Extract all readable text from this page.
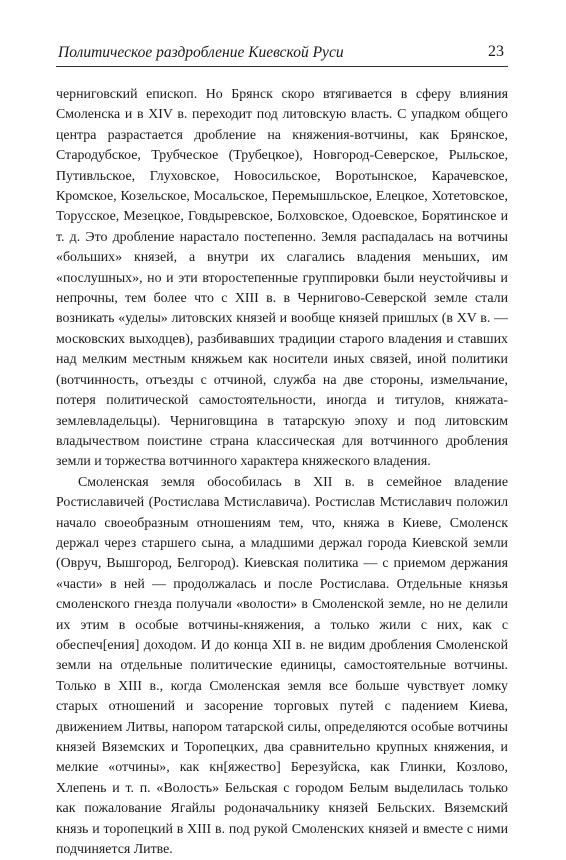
Политическое раздробление Киевской Руси	23

черниговский епископ. Но Брянск скоро втягивается в сферу влияния Смоленска и в XIV в. переходит под литовскую власть. С упадком общего центра разрастается дробление на княжения-вотчины, как Брянское, Стародубское, Трубческое (Трубецкое), Новгород-Северское, Рыльское, Путивльское, Глуховское, Новосильское, Воротынское, Карачевское, Кромское, Козельское, Мосальское, Перемышльское, Елецкое, Хотетовское, Торусское, Мезецкое, Говдыревское, Болховское, Одоевское, Борятинское и т. д. Это дробление нарастало постепенно. Земля распадалась на вотчины «больших» князей, а внутри их слагались владения меньших, им «послушных», но и эти второстепенные группировки были неустойчивы и непрочны, тем более что с XIII в. в Чернигово-Северской земле стали возникать «уделы» литовских князей и вообще князей пришлых (в XV в. — московских выходцев), разбивавших традиции старого владения и ставших над мелким местным княжьем как носители иных связей, иной политики (вотчинность, отъезды с отчиной, служба на две стороны, измельчание, потеря политической самостоятельности, иногда и титулов, княжата-землевладельцы). Черниговщина в татарскую эпоху и под литовским владычеством поистине страна классическая для вотчинного дробления земли и торжества вотчинного характера княжеского владения.

Смоленская земля обособилась в XII в. в семейное владение Ростиславичей (Ростислава Мстиславича). Ростислав Мстиславич положил начало своеобразным отношениям тем, что, княжа в Киеве, Смоленск держал через старшего сына, а младшими держал города Киевской земли (Овруч, Вышгород, Белгород). Киевская политика — с приемом держания «части» в ней — продолжалась и после Ростислава. Отдельные князья смоленского гнезда получали «волости» в Смоленской земле, но не делили их этим в особые вотчины-княжения, а только жили с них, как с обеспеч[ения] доходом. И до конца XII в. не видим дробления Смоленской земли на отдельные политические единицы, самостоятельные вотчины. Только в XIII в., когда Смоленская земля все больше чувствует ломку старых отношений и засорение торговых путей с падением Киева, движением Литвы, напором татарской силы, определяются особые вотчины князей Вяземских и Торопецких, два сравнительно крупных княжения, и мелкие «отчины», как кн[яжество] Березуйска, как Глинки, Козлово, Хлепень и т. п. «Волость» Бельская с городом Белым выделилась только как пожалование Ягайлы родоначальнику князей Бельских. Вяземский князь и торопецкий в XIII в. под рукой Смоленских князей и вместе с ними подчиняется Литве.
